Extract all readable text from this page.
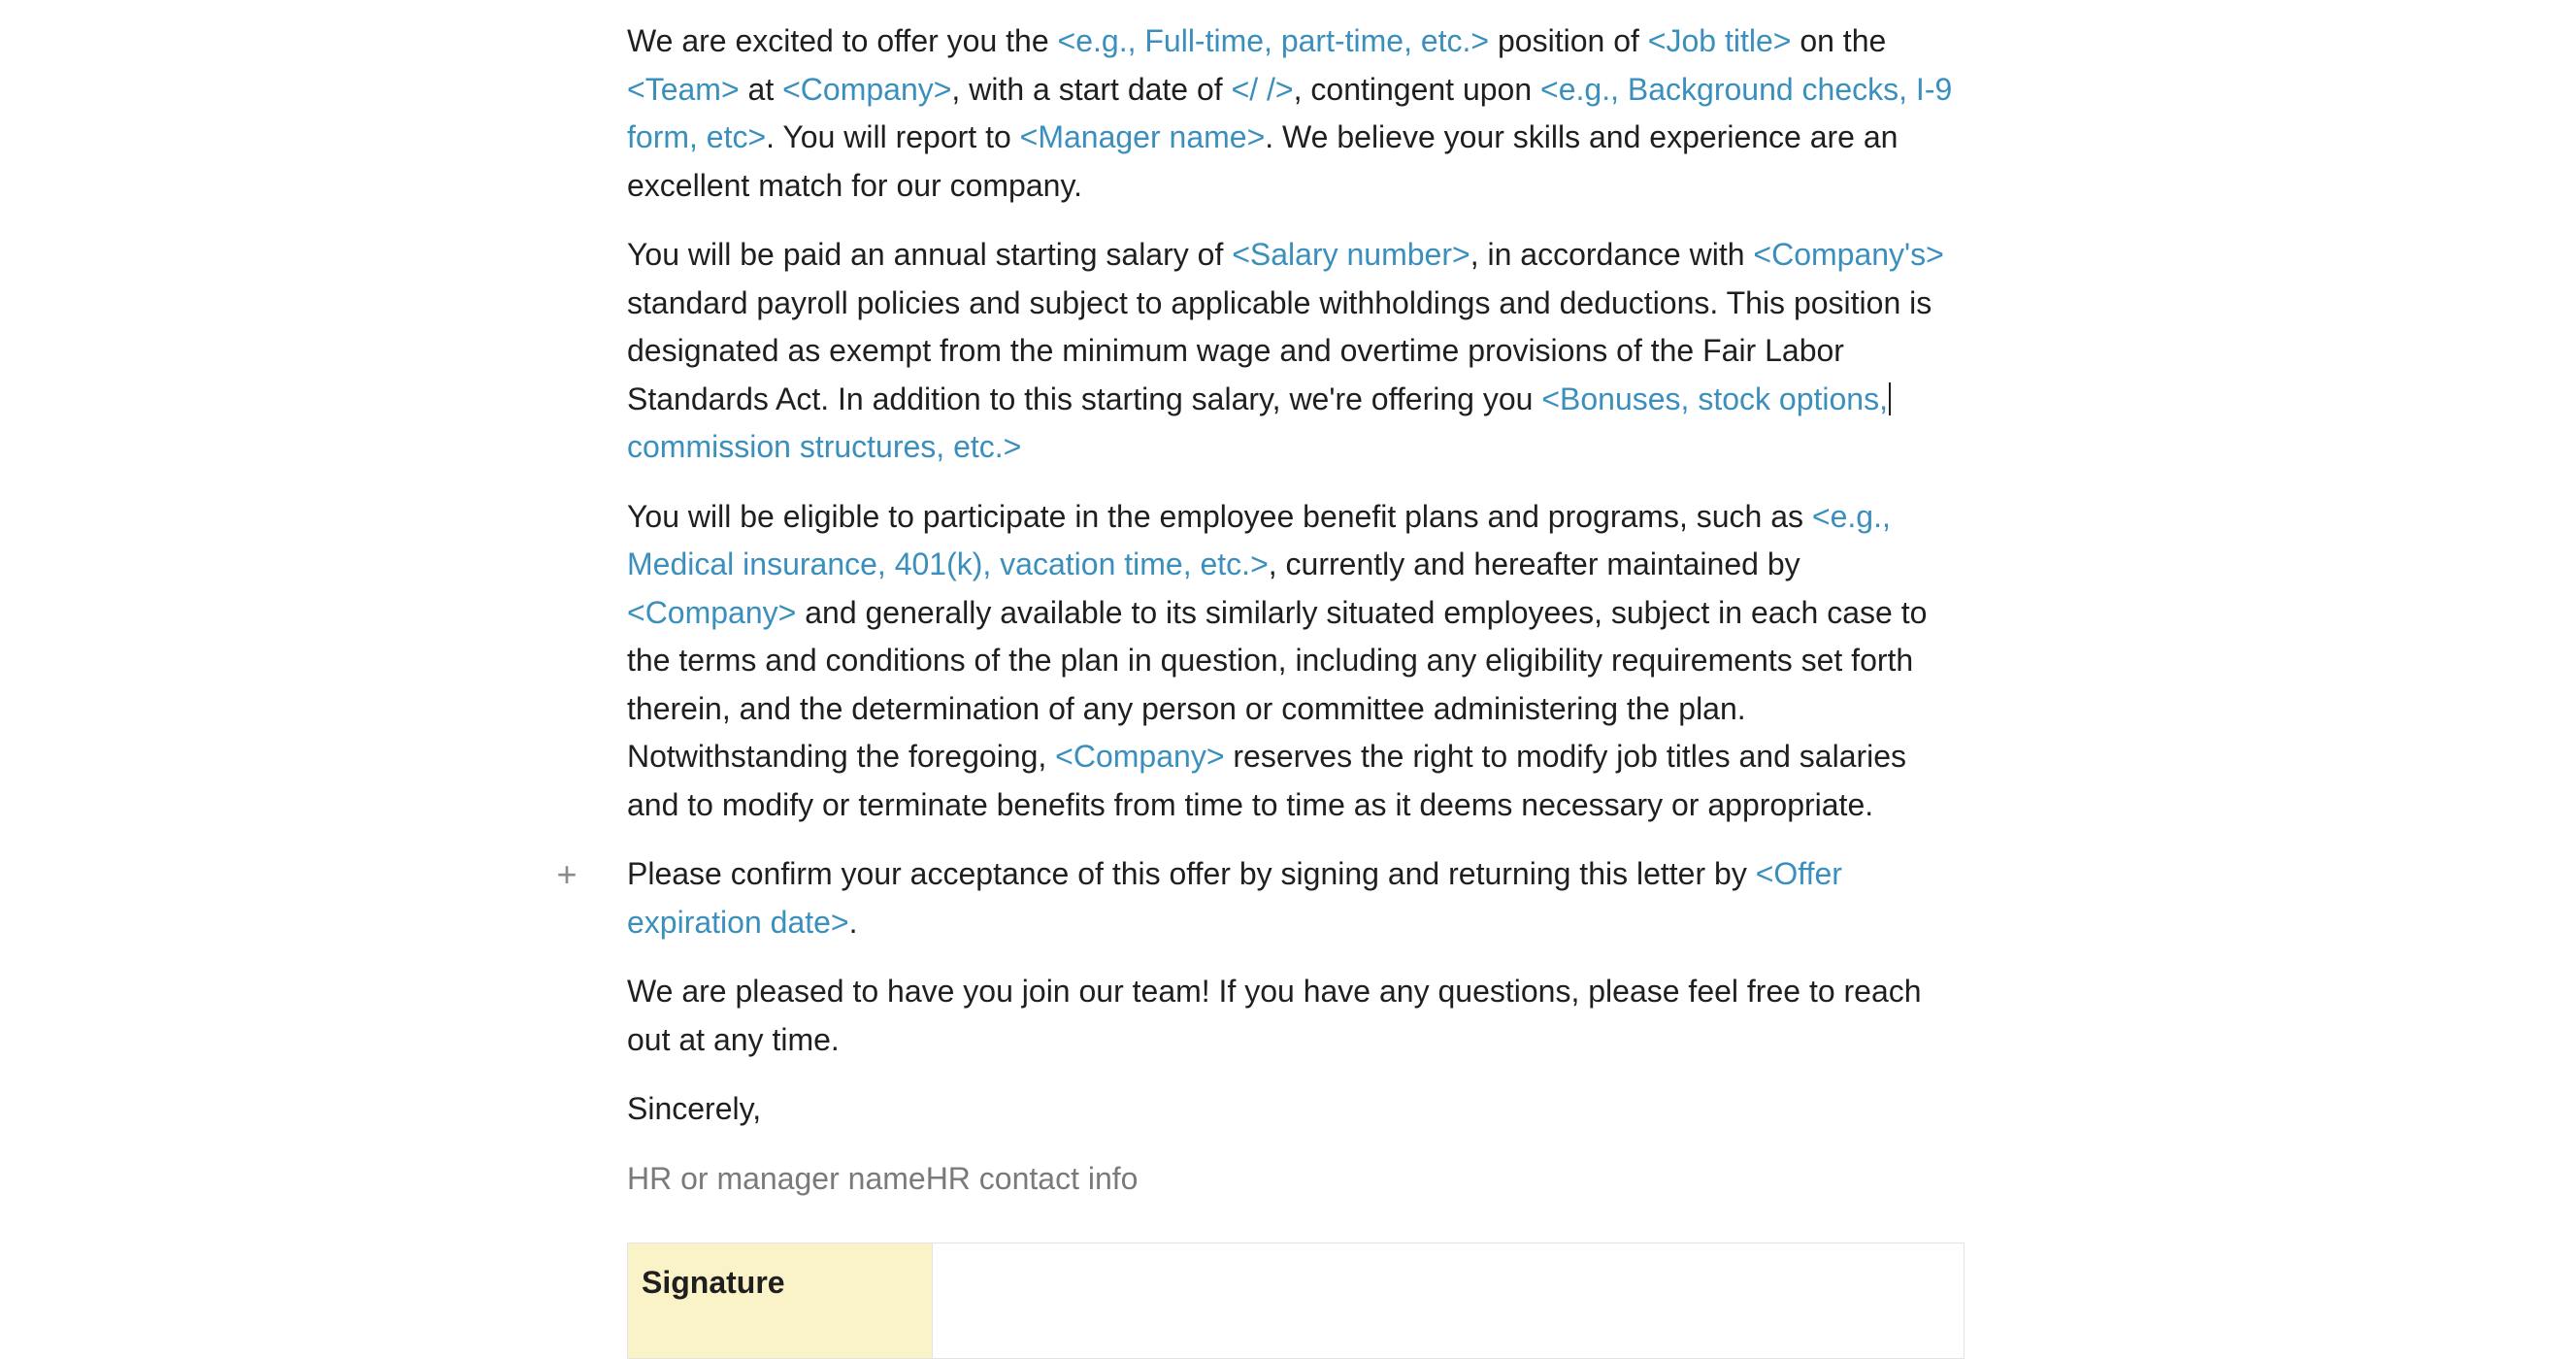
We are excited to offer you the <e.g., Full-time, part-time, etc.> position of <Job title> on the <Team> at <Company>, with a start date of </ />, contingent upon <e.g., Background checks, I-9 form, etc>. You will report to <Manager name>. We believe your skills and experience are an excellent match for our company.

You will be paid an annual starting salary of <Salary number>, in accordance with <Company's> standard payroll policies and subject to applicable withholdings and deductions. This position is designated as exempt from the minimum wage and overtime provisions of the Fair Labor Standards Act. In addition to this starting salary, we're offering you <Bonuses, stock options, commission structures, etc.>

You will be eligible to participate in the employee benefit plans and programs, such as <e.g., Medical insurance, 401(k), vacation time, etc.>, currently and hereafter maintained by <Company> and generally available to its similarly situated employees, subject in each case to the terms and conditions of the plan in question, including any eligibility requirements set forth therein, and the determination of any person or committee administering the plan. Notwithstanding the foregoing, <Company> reserves the right to modify job titles and salaries and to modify or terminate benefits from time to time as it deems necessary or appropriate.

+ Please confirm your acceptance of this offer by signing and returning this letter by <Offer expiration date>.

We are pleased to have you join our team! If you have any questions, please feel free to reach out at any time.

Sincerely,

HR or manager nameHR contact info

Signature
